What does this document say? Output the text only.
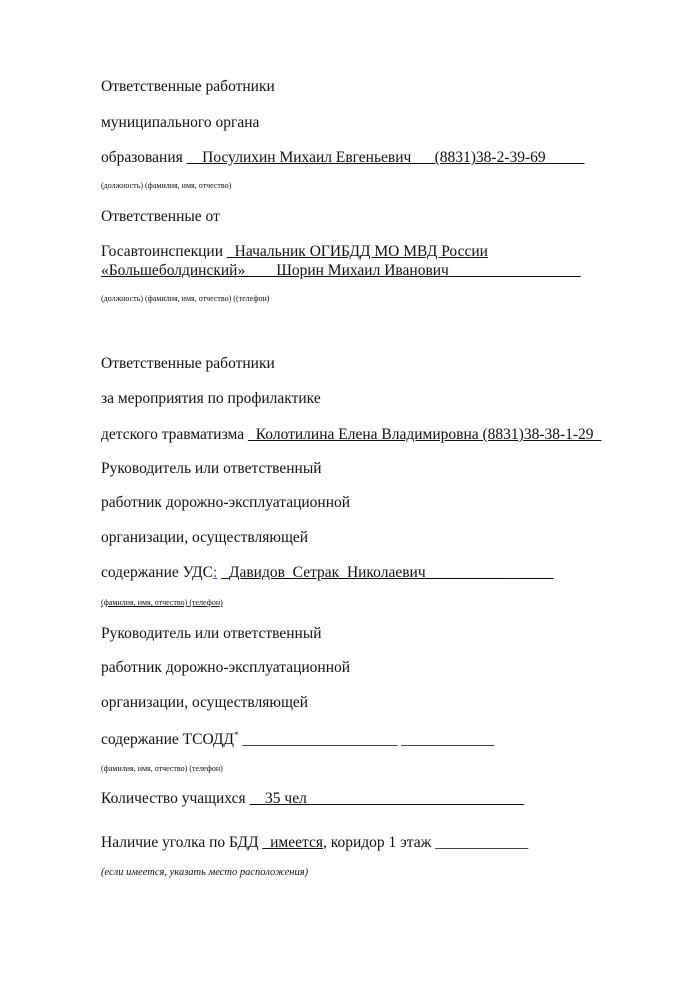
Ответственные работники
муниципального органа
образования __Посулихин Михаил Евгеньевич___(8831)38-2-39-69_____
(должность) (фамилия, имя, отчество)
Ответственные от
Госавтоинспекции _Начальник ОГИБДД МО МВД России
«Большеболдинский»____Шорин Михаил Иванович_________________
(должность) (фамилия, имя, отчество) ((телефон)
Ответственные работники
за мероприятия по профилактике
детского травматизма _Колотилина Елена Владимировна (8831)38-38-1-29_
Руководитель или ответственный
работник дорожно-эксплуатационной
организации, осуществляющей
содержание УДС: _Давидов_Сетрак_Николаевич___________ _____
(фамилия, имя, отчество) (телефон)
Руководитель или ответственный
работник дорожно-эксплуатационной
организации, осуществляющей
содержание ТСОДД* ____________________ ____________
(фамилия, имя, отчество) (телефон)
Количество учащихся __35 чел____________________________
Наличие уголка по БДД _имеется, коридор 1 этаж ____________
(если имеется, указать место расположения)
